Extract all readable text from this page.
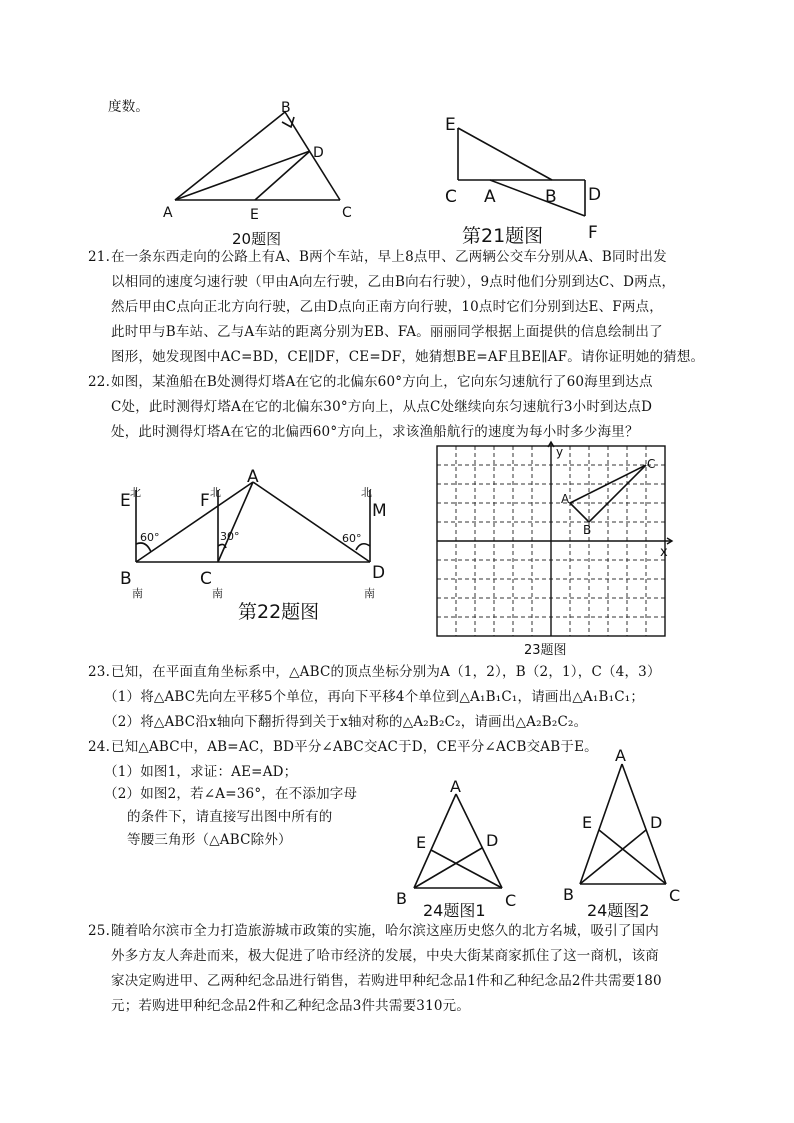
度数。
A
B
C
D
E
20题图
E
C A	B D
F
第21题图
21. 在一条东西走向的公路上有A、B两个车站，早上8点甲、乙两辆公交车分别从A、B同时出发
以相同的速度匀速行驶（甲由A向左行驶，乙由B向右行驶），9点时他们分别到达C、D两点，
然后甲由C点向正北方向行驶，乙由D点向正南方向行驶，10点时它们分别到达E、F两点，
此时甲与B车站、乙与A车站的距离分别为EB、FA。丽丽同学根据上面提供的信息绘制出了
图形，她发现图中AC=BD，CE∥DF，CE=DF，她猜想BE=AF且BE∥AF。请你证明她的猜想。
22. 如图，某渔船在B处测得灯塔A在它的北偏东60°方向上，它向东匀速航行了60海里到达点
C处，此时测得灯塔A在它的北偏东30°方向上，从点C处继续向东匀速航行3小时到达点D
处，此时测得灯塔A在它的北偏西60°方向上，求该渔船航行的速度为每小时多少海里？
E 北	F 北
A
北
M
60°	30°	60°
B	C	D
南	南	南
第22题图
y
x
A
B
C
23题图
23. 已知，在平面直角坐标系中，△ABC的顶点坐标分别为A（1，2），B（2，1），C（4，3）
（1）将△ABC先向左平移5个单位，再向下平移4个单位到△A₁B₁C₁，请画出△A₁B₁C₁；
（2）将△ABC沿x轴向下翻折得到关于x轴对称的△A₂B₂C₂，请画出△A₂B₂C₂。
24. 已知△ABC中，AB=AC，BD平分∠ABC交AC于D，CE平分∠ACB交AB于E。
（1）如图1，求证：AE=AD；
（2）如图2，若∠A=36°，在不添加字母
的条件下，请直接写出图中所有的
等腰三角形（△ABC除外）
A
E	D
B	C
24题图1
A
E	D
B	C
24题图2
25. 随着哈尔滨市全力打造旅游城市政策的实施，哈尔滨这座历史悠久的北方名城，吸引了国内
外多方友人奔赴而来，极大促进了哈市经济的发展，中央大街某商家抓住了这一商机，该商
家决定购进甲、乙两种纪念品进行销售，若购进甲种纪念品1件和乙种纪念品2件共需要180
元；若购进甲种纪念品2件和乙种纪念品3件共需要310元。
